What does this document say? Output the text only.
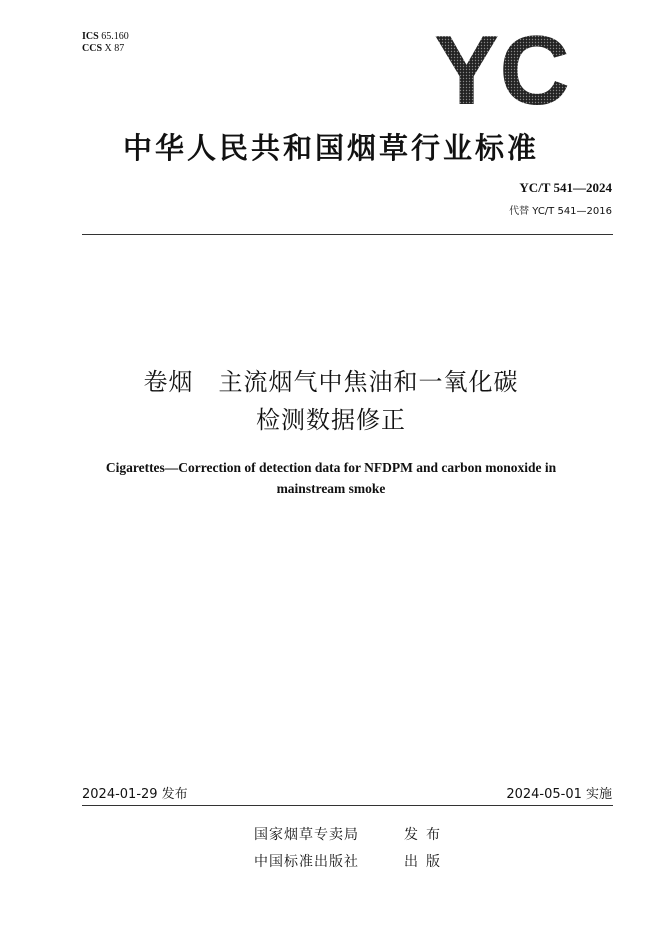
ICS 65.160
CCS X 87	YC
中华人民共和国烟草行业标准
YC/T 541—2024
代替 YC/T 541—2016
卷烟　主流烟气中焦油和一氧化碳
检测数据修正
Cigarettes—Correction of detection data for NFDPM and carbon monoxide in
mainstream smoke
2024-01-29 发布	2024-05-01 实施
国家烟草专卖局	发布
中国标准出版社	出版
